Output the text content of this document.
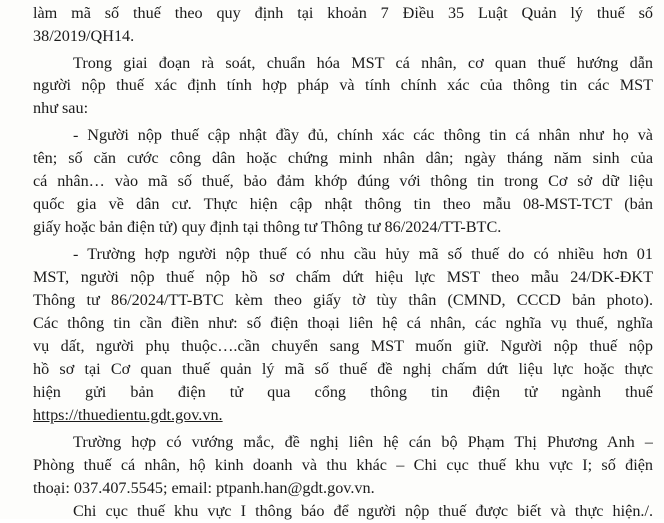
làm mã số thuế theo quy định tại khoản 7 Điều 35 Luật Quản lý thuế số
38/2019/QH14.
Trong giai đoạn rà soát, chuẩn hóa MST cá nhân, cơ quan thuế hướng dẫn
người nộp thuế xác định tính hợp pháp và tính chính xác của thông tin các MST
như sau:
- Người nộp thuế cập nhật đầy đủ, chính xác các thông tin cá nhân như họ và
tên; số căn cước công dân hoặc chứng minh nhân dân; ngày tháng năm sinh của
cá nhân… vào mã số thuế, bảo đảm khớp đúng với thông tin trong Cơ sở dữ liệu
quốc gia về dân cư. Thực hiện cập nhật thông tin theo mẫu 08-MST-TCT (bản
giấy hoặc bản điện tử) quy định tại thông tư Thông tư 86/2024/TT-BTC.
- Trường hợp người nộp thuế có nhu cầu hủy mã số thuế do có nhiều hơn 01
MST, người nộp thuế nộp hồ sơ chấm dứt hiệu lực MST theo mẫu 24/DK-ĐKT
Thông tư 86/2024/TT-BTC kèm theo giấy tờ tùy thân (CMND, CCCD bản photo).
Các thông tin cần điền như: số điện thoại liên hệ cá nhân, các nghĩa vụ thuế, nghĩa
vụ dất, người phụ thuộc….cần chuyển sang MST muốn giữ. Người nộp thuế nộp
hồ sơ tại Cơ quan thuế quản lý mã số thuế đề nghị chấm dứt liệu lực hoặc thực
hiện gửi bản điện tử qua cổng thông tin điện tử ngành thuế
https://thuedientu.gdt.gov.vn.
Trường hợp có vướng mắc, đề nghị liên hệ cán bộ Phạm Thị Phương Anh –
Phòng thuế cá nhân, hộ kinh doanh và thu khác – Chi cục thuế khu vực I; số điện
thoại: 037.407.5545; email: ptpanh.han@gdt.gov.vn.
Chi cục thuế khu vực I thông báo để người nộp thuế được biết và thực hiện./.
